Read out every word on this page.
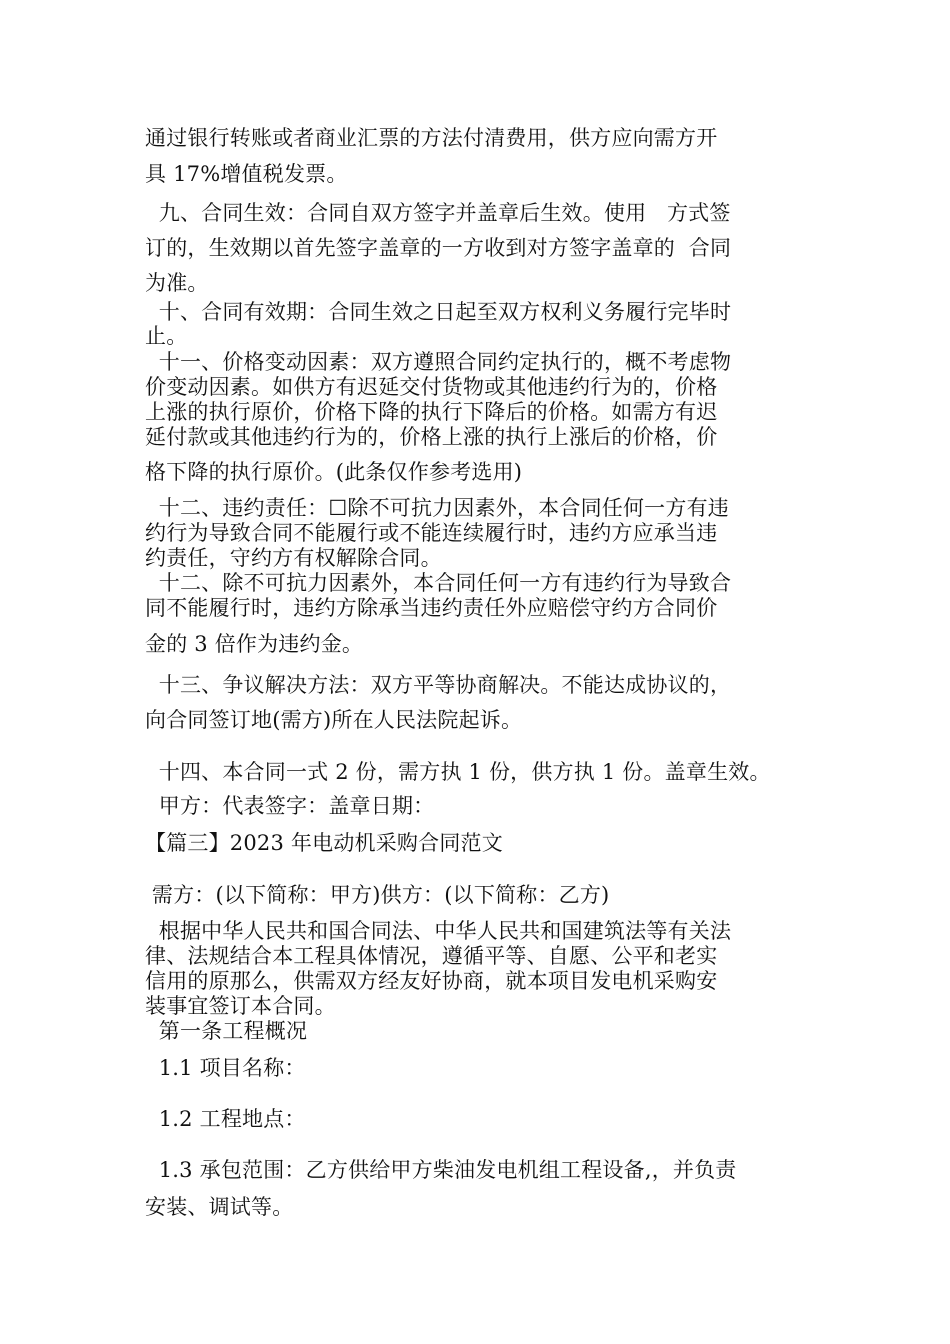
通过银行转账或者商业汇票的方法付清费用，供方应向需方开
具 17%增值税发票。
九、合同生效：合同自双方签字并盖章后生效。使用   方式签
订的，生效期以首先签字盖章的一方收到对方签字盖章的  合同
为准。
十、合同有效期：合同生效之日起至双方权利义务履行完毕时
止。
十一、价格变动因素：双方遵照合同约定执行的，概不考虑物
价变动因素。如供方有迟延交付货物或其他违约行为的，价格
上涨的执行原价，价格下降的执行下降后的价格。如需方有迟
延付款或其他违约行为的，价格上涨的执行上涨后的价格，价
格下降的执行原价。(此条仅作参考选用)
十二、违约责任：☐除不可抗力因素外，本合同任何一方有违
约行为导致合同不能履行或不能连续履行时，违约方应承当违
约责任，守约方有权解除合同。
十二、除不可抗力因素外，本合同任何一方有违约行为导致合
同不能履行时，违约方除承当违约责任外应赔偿守约方合同价
金的 3 倍作为违约金。
十三、争议解决方法：双方平等协商解决。不能达成协议的，
向合同签订地(需方)所在人民法院起诉。
十四、本合同一式 2 份，需方执 1 份，供方执 1 份。盖章生效。
甲方：代表签字：盖章日期：
【篇三】2023 年电动机采购合同范文
需方：(以下简称：甲方)供方：(以下简称：乙方)
根据中华人民共和国合同法、中华人民共和国建筑法等有关法
律、法规结合本工程具体情况，遵循平等、自愿、公平和老实
信用的原那么，供需双方经友好协商，就本项目发电机采购安
装事宜签订本合同。
第一条工程概况
1.1 项目名称：
1.2 工程地点：
1.3 承包范围：乙方供给甲方柴油发电机组工程设备,，并负责
安装、调试等。
